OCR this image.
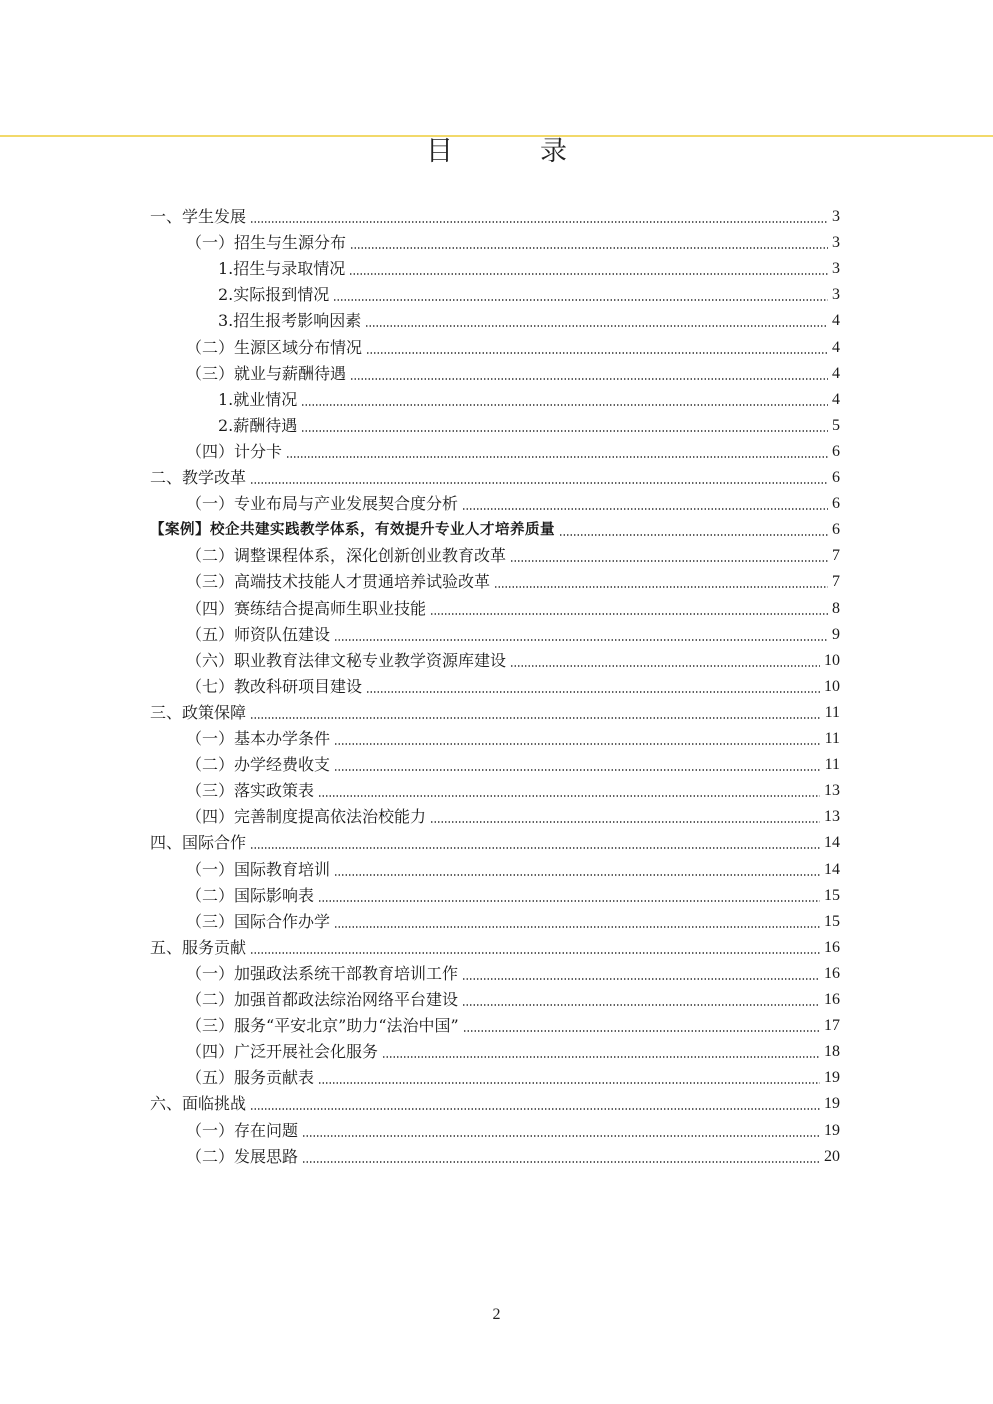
目　录
一、学生发展	3
（一）招生与生源分布	3
1.招生与录取情况	3
2.实际报到情况	3
3.招生报考影响因素	4
（二）生源区域分布情况	4
（三）就业与薪酬待遇	4
1.就业情况	4
2.薪酬待遇	5
（四）计分卡	6
二、教学改革	6
（一）专业布局与产业发展契合度分析	6
【案例】校企共建实践教学体系，有效提升专业人才培养质量	6
（二）调整课程体系，深化创新创业教育改革	7
（三）高端技术技能人才贯通培养试验改革	7
（四）赛练结合提高师生职业技能	8
（五）师资队伍建设	9
（六）职业教育法律文秘专业教学资源库建设	10
（七）教改科研项目建设	10
三、政策保障	11
（一）基本办学条件	11
（二）办学经费收支	11
（三）落实政策表	13
（四）完善制度提高依法治校能力	13
四、国际合作	14
（一）国际教育培训	14
（二）国际影响表	15
（三）国际合作办学	15
五、服务贡献	16
（一）加强政法系统干部教育培训工作	16
（二）加强首都政法综治网络平台建设	16
（三）服务“平安北京”助力“法治中国”	17
（四）广泛开展社会化服务	18
（五）服务贡献表	19
六、面临挑战	19
（一）存在问题	19
（二）发展思路	20
2
